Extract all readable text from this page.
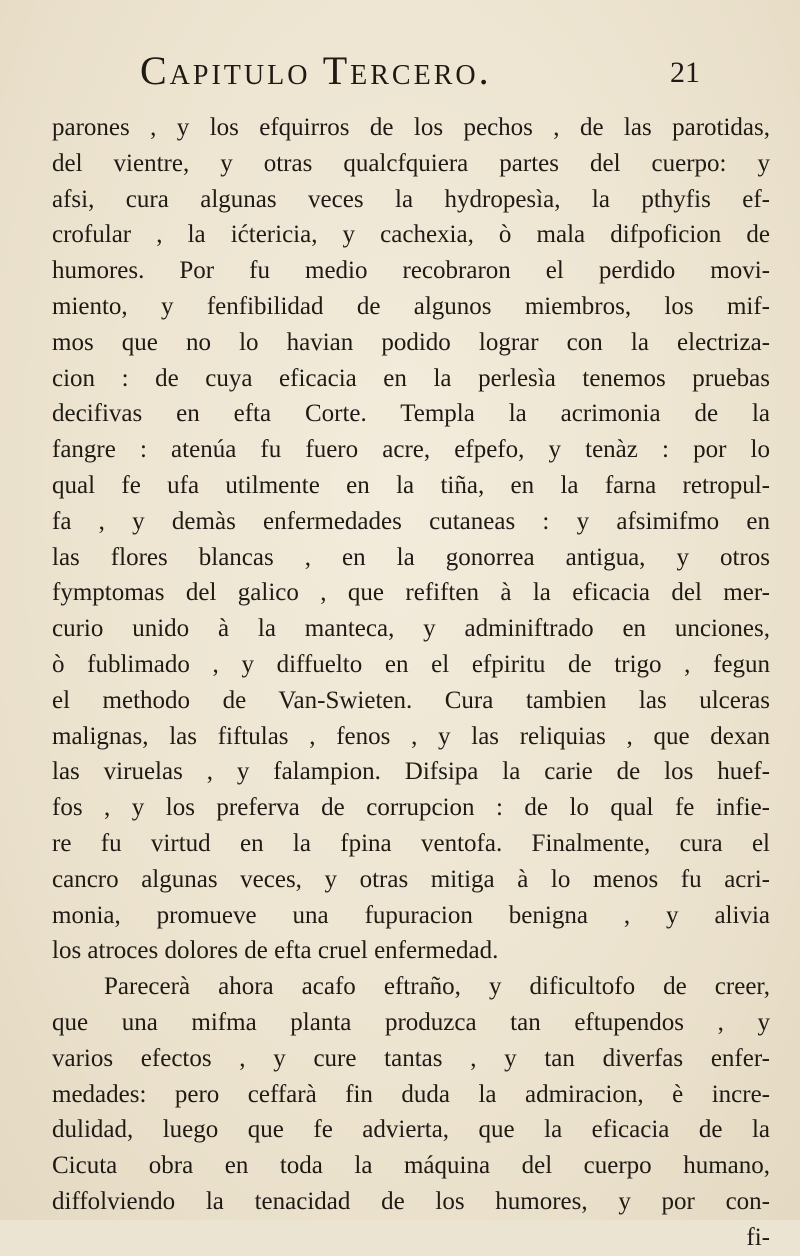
Capitulo Tercero.	21
parones , y los efquirros de los pechos , de las parotidas,
del vientre, y otras qualcfquiera partes del cuerpo: y
afsi, cura algunas veces la hydropesìa, la pthyfis ef-
crofular , la ićtericia, y cachexia, ò mala difpoficion de
humores. Por fu medio recobraron el perdido movi-
miento, y fenfibilidad de algunos miembros, los mif-
mos que no lo havian podido lograr con la electriza-
cion : de cuya eficacia en la perlesìa tenemos pruebas
decifivas en efta Corte. Templa la acrimonia de la
fangre : atenúa fu fuero acre, efpefo, y tenàz : por lo
qual fe ufa utilmente en la tiña, en la farna retropul-
fa , y demàs enfermedades cutaneas : y afsimifmo en
las flores blancas , en la gonorrea antigua, y otros
fymptomas del galico , que refiften à la eficacia del mer-
curio unido à la manteca, y adminiftrado en unciones,
ò fublimado , y diffuelto en el efpiritu de trigo , fegun
el methodo de Van-Swieten. Cura tambien las ulceras
malignas, las fiftulas , fenos , y las reliquias , que dexan
las viruelas , y falampion. Difsipa la carie de los huef-
fos , y los preferva de corrupcion : de lo qual fe infie-
re fu virtud en la fpina ventofa. Finalmente, cura el
cancro algunas veces, y otras mitiga à lo menos fu acri-
monia, promueve una fupuracion benigna , y alivia
los atroces dolores de efta cruel enfermedad.
Parecerà ahora acafo eftraño, y dificultofo de creer,
que una mifma planta produzca tan eftupendos , y
varios efectos , y cure tantas , y tan diverfas enfer-
medades: pero ceffarà fin duda la admiracion, è incre-
dulidad, luego que fe advierta, que la eficacia de la
Cicuta obra en toda la máquina del cuerpo humano,
diffolviendo la tenacidad de los humores, y por con-
fi-
